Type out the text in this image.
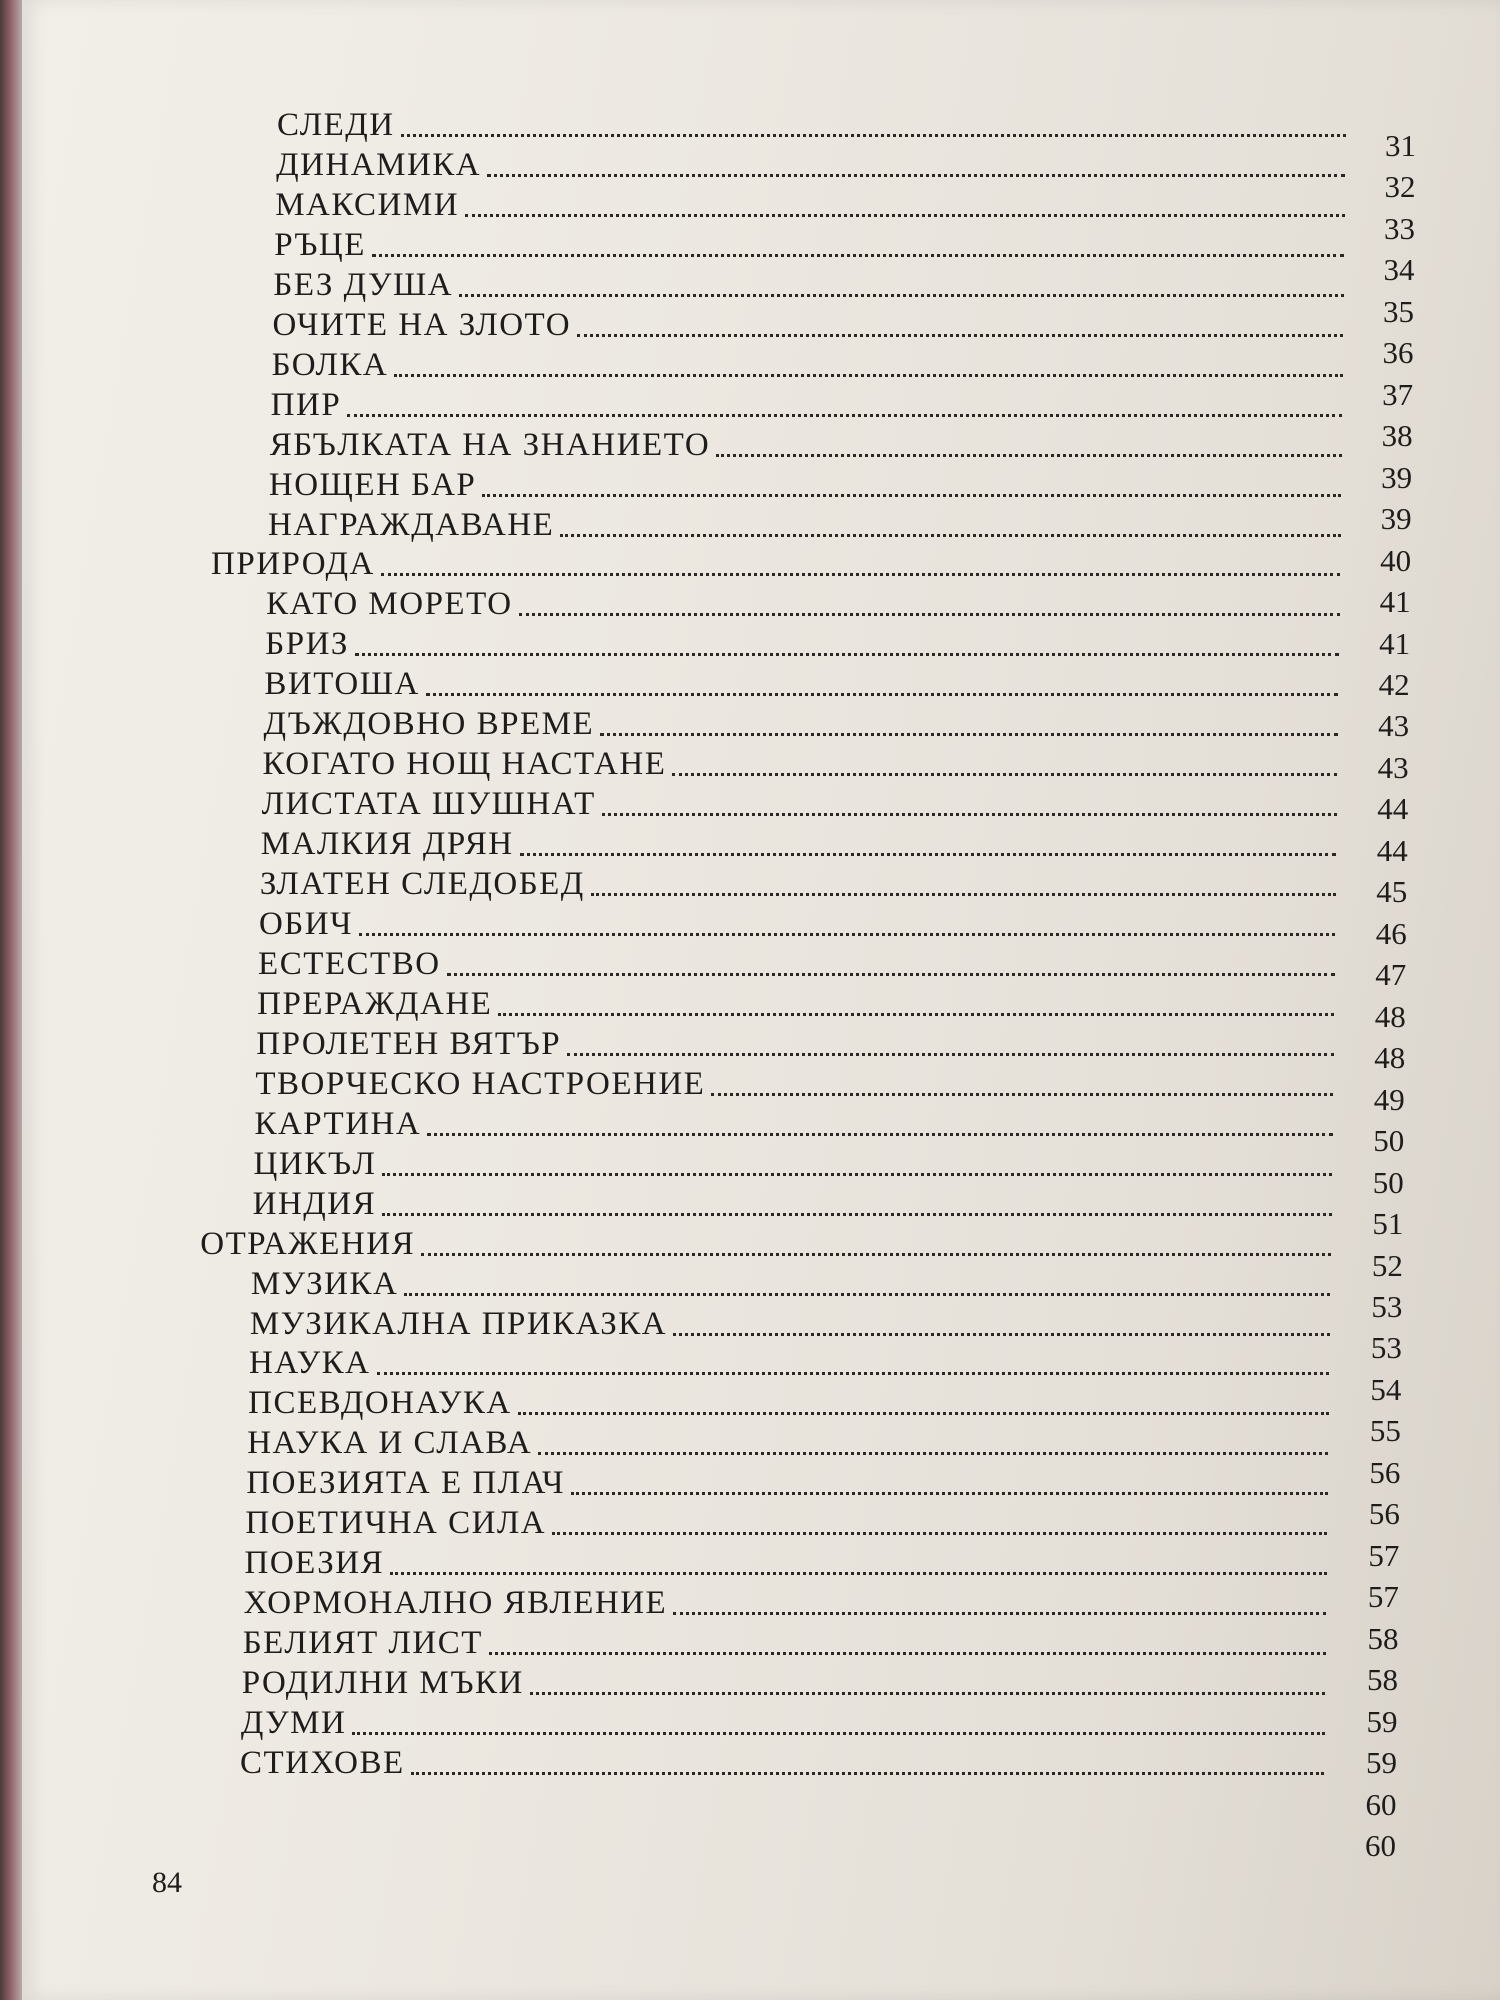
СЛЕДИ
31
ДИНАМИКА
32
МАКСИМИ
33
РЪЦЕ
34
БЕЗ ДУША
35
ОЧИТЕ НА ЗЛОТО
36
БОЛКА
37
ПИР
38
ЯБЪЛКАТА НА ЗНАНИЕТО
39
НОЩЕН БАР
39
НАГРАЖДАВАНЕ
40
ПРИРОДА
41
КАТО МОРЕТО
41
БРИЗ
42
ВИТОША
43
ДЪЖДОВНО ВРЕМЕ
43
КОГАТО НОЩ НАСТАНЕ
44
ЛИСТАТА ШУШНАТ
44
МАЛКИЯ ДРЯН
45
ЗЛАТЕН СЛЕДОБЕД
46
ОБИЧ
47
ЕСТЕСТВО
48
ПРЕРАЖДАНЕ
48
ПРОЛЕТЕН ВЯТЪР
49
ТВОРЧЕСКО НАСТРОЕНИЕ
50
КАРТИНА
50
ЦИКЪЛ
51
ИНДИЯ
52
ОТРАЖЕНИЯ
53
МУЗИКА
53
МУЗИКАЛНА ПРИКАЗКА
54
НАУКА
55
ПСЕВДОНАУКА
56
НАУКА И СЛАВА
56
ПОЕЗИЯТА Е ПЛАЧ
57
ПОЕТИЧНА СИЛА
57
ПОЕЗИЯ
58
ХОРМОНАЛНО ЯВЛЕНИЕ
58
БЕЛИЯТ ЛИСТ
59
РОДИЛНИ МЪКИ
59
ДУМИ
60
СТИХОВЕ
60
84
